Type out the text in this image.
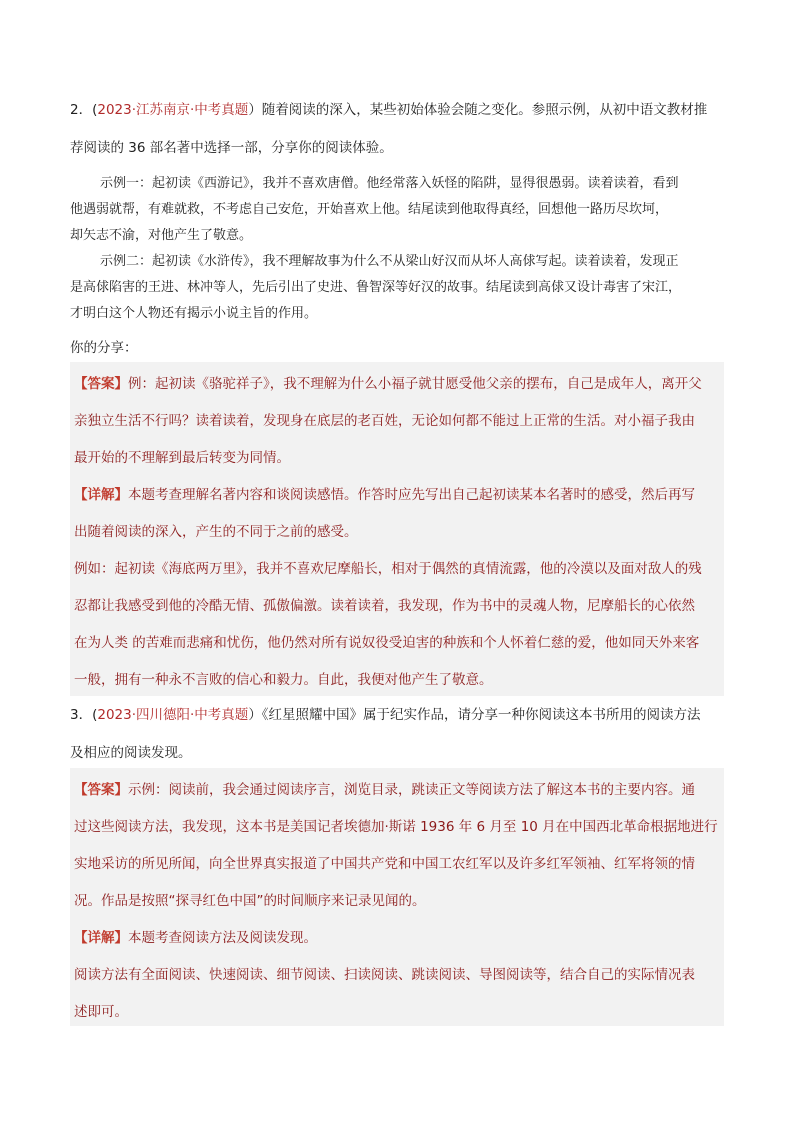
2．(2023·江苏南京·中考真题）随着阅读的深入，某些初始体验会随之变化。参照示例，从初中语文教材推
荐阅读的 36 部名著中选择一部，分享你的阅读体验。
示例一：起初读《西游记》，我并不喜欢唐僧。他经常落入妖怪的陷阱，显得很愚弱。读着读着，看到
他遇弱就帮，有难就救，不考虑自己安危，开始喜欢上他。结尾读到他取得真经，回想他一路历尽坎坷，
却矢志不渝，对他产生了敬意。
示例二：起初读《水浒传》，我不理解故事为什么不从梁山好汉而从坏人高俅写起。读着读着，发现正
是高俅陷害的王进、林冲等人，先后引出了史进、鲁智深等好汉的故事。结尾读到高俅又设计毒害了宋江，
才明白这个人物还有揭示小说主旨的作用。
你的分享：
【答案】例：起初读《骆驼祥子》，我不理解为什么小福子就甘愿受他父亲的摆布，自己是成年人，离开父
亲独立生活不行吗？读着读着，发现身在底层的老百姓，无论如何都不能过上正常的生活。对小福子我由
最开始的不理解到最后转变为同情。
【详解】本题考查理解名著内容和谈阅读感悟。作答时应先写出自己起初读某本名著时的感受，然后再写
出随着阅读的深入，产生的不同于之前的感受。
例如：起初读《海底两万里》，我并不喜欢尼摩船长，相对于偶然的真情流露，他的冷漠以及面对敌人的残
忍都让我感受到他的冷酷无情、孤傲偏激。读着读着，我发现，作为书中的灵魂人物，尼摩船长的心依然
在为人类 的苦难而悲痛和忧伤，他仍然对所有说奴役受迫害的种族和个人怀着仁慈的爱，他如同天外来客
一般，拥有一种永不言败的信心和毅力。自此，我便对他产生了敬意。
3．(2023·四川德阳·中考真题）《红星照耀中国》属于纪实作品，请分享一种你阅读这本书所用的阅读方法
及相应的阅读发现。
【答案】示例：阅读前，我会通过阅读序言，浏览目录，跳读正文等阅读方法了解这本书的主要内容。通
过这些阅读方法，我发现，这本书是美国记者埃德加·斯诺 1936 年 6 月至 10 月在中国西北革命根据地进行
实地采访的所见所闻，向全世界真实报道了中国共产党和中国工农红军以及许多红军领袖、红军将领的情
况。作品是按照“探寻红色中国”的时间顺序来记录见闻的。
【详解】本题考查阅读方法及阅读发现。
阅读方法有全面阅读、快速阅读、细节阅读、扫读阅读、跳读阅读、导图阅读等，结合自己的实际情况表
述即可。
